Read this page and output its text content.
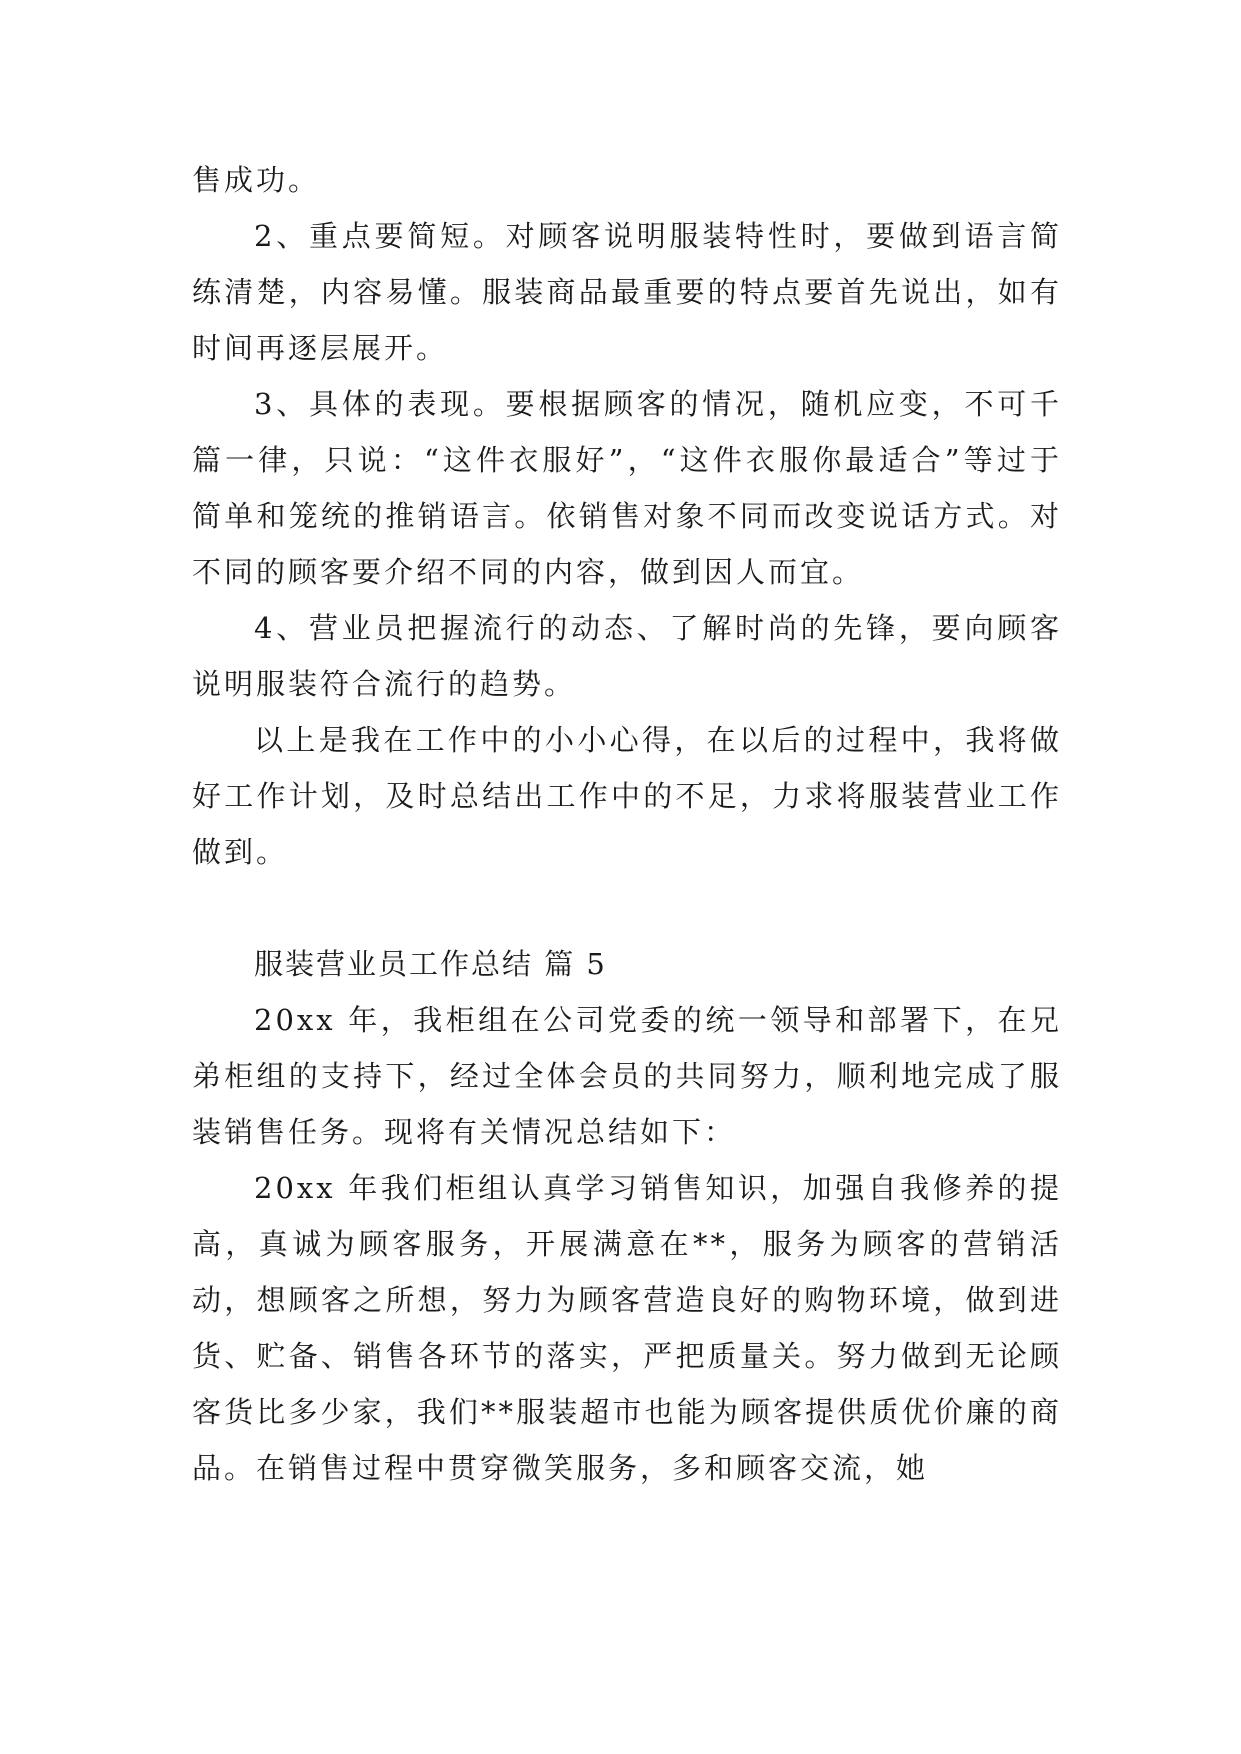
售成功。

2、重点要简短。对顾客说明服装特性时，要做到语言简练清楚，内容易懂。服装商品最重要的特点要首先说出，如有时间再逐层展开。

3、具体的表现。要根据顾客的情况，随机应变，不可千篇一律，只说：“这件衣服好”，“这件衣服你最适合”等过于简单和笼统的推销语言。依销售对象不同而改变说话方式。对不同的顾客要介绍不同的内容，做到因人而宜。

4、营业员把握流行的动态、了解时尚的先锋，要向顾客说明服装符合流行的趋势。

以上是我在工作中的小小心得，在以后的过程中，我将做好工作计划，及时总结出工作中的不足，力求将服装营业工作做到。

服装营业员工作总结 篇 5

20xx 年，我柜组在公司党委的统一领导和部署下，在兄弟柜组的支持下，经过全体会员的共同努力，顺利地完成了服装销售任务。现将有关情况总结如下：

20xx 年我们柜组认真学习销售知识，加强自我修养的提高，真诚为顾客服务，开展满意在**，服务为顾客的营销活动，想顾客之所想，努力为顾客营造良好的购物环境，做到进货、贮备、销售各环节的落实，严把质量关。努力做到无论顾客货比多少家，我们**服装超市也能为顾客提供质优价廉的商品。在销售过程中贯穿微笑服务，多和顾客交流，她
